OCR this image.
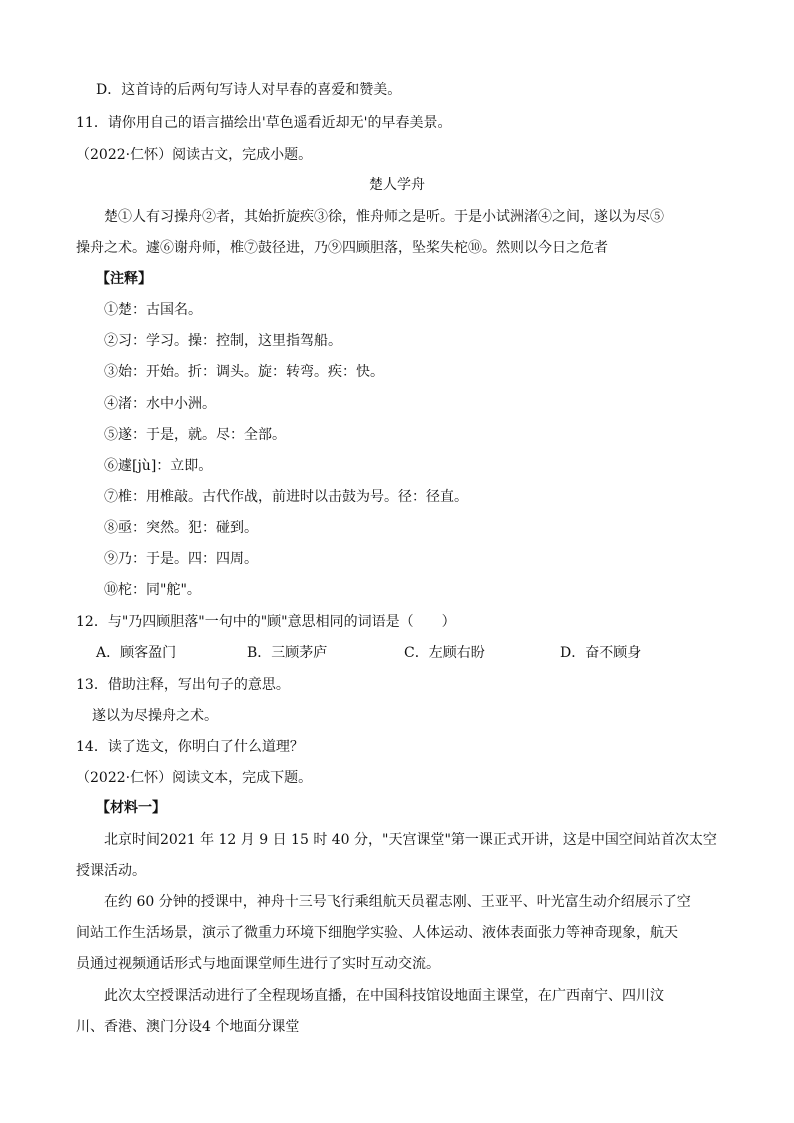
D．这首诗的后两句写诗人对早春的喜爱和赞美。
11．请你用自己的语言描绘出'草色遥看近却无'的早春美景。
（2022·仁怀）阅读古文，完成小题。
楚人学舟
楚①人有习操舟②者，其始折旋疾③徐，惟舟师之是听。于是小试洲渚④之间，遂以为尽⑤
操舟之术。遽⑥谢舟师，椎⑦鼓径进，乃⑨四顾胆落，坠桨失柁⑩。然则以今日之危者
【注释】
①楚：古国名。
②习：学习。操：控制，这里指驾船。
③始：开始。折：调头。旋：转弯。疾：快。
④渚：水中小洲。
⑤遂：于是，就。尽：全部。
⑥遽[jù]：立即。
⑦椎：用椎敲。古代作战，前进时以击鼓为号。径：径直。
⑧亟：突然。犯：碰到。
⑨乃：于是。四：四周。
⑩柁：同"舵"。
12．与"乃四顾胆落"一句中的"顾"意思相同的词语是（　　）
A．顾客盈门	B．三顾茅庐	C．左顾右盼	D．奋不顾身
13．借助注释，写出句子的意思。
遂以为尽操舟之术。
14．读了选文，你明白了什么道理？
（2022·仁怀）阅读文本，完成下题。
【材料一】
北京时间2021 年 12 月 9 日 15 时 40 分，"天宫课堂"第一课正式开讲，这是中国空间站首次太空
授课活动。
在约 60 分钟的授课中，神舟十三号飞行乘组航天员翟志刚、王亚平、叶光富生动介绍展示了空
间站工作生活场景，演示了微重力环境下细胞学实验、人体运动、液体表面张力等神奇现象，航天
员通过视频通话形式与地面课堂师生进行了实时互动交流。
此次太空授课活动进行了全程现场直播，在中国科技馆设地面主课堂，在广西南宁、四川汶
川、香港、澳门分设4 个地面分课堂
